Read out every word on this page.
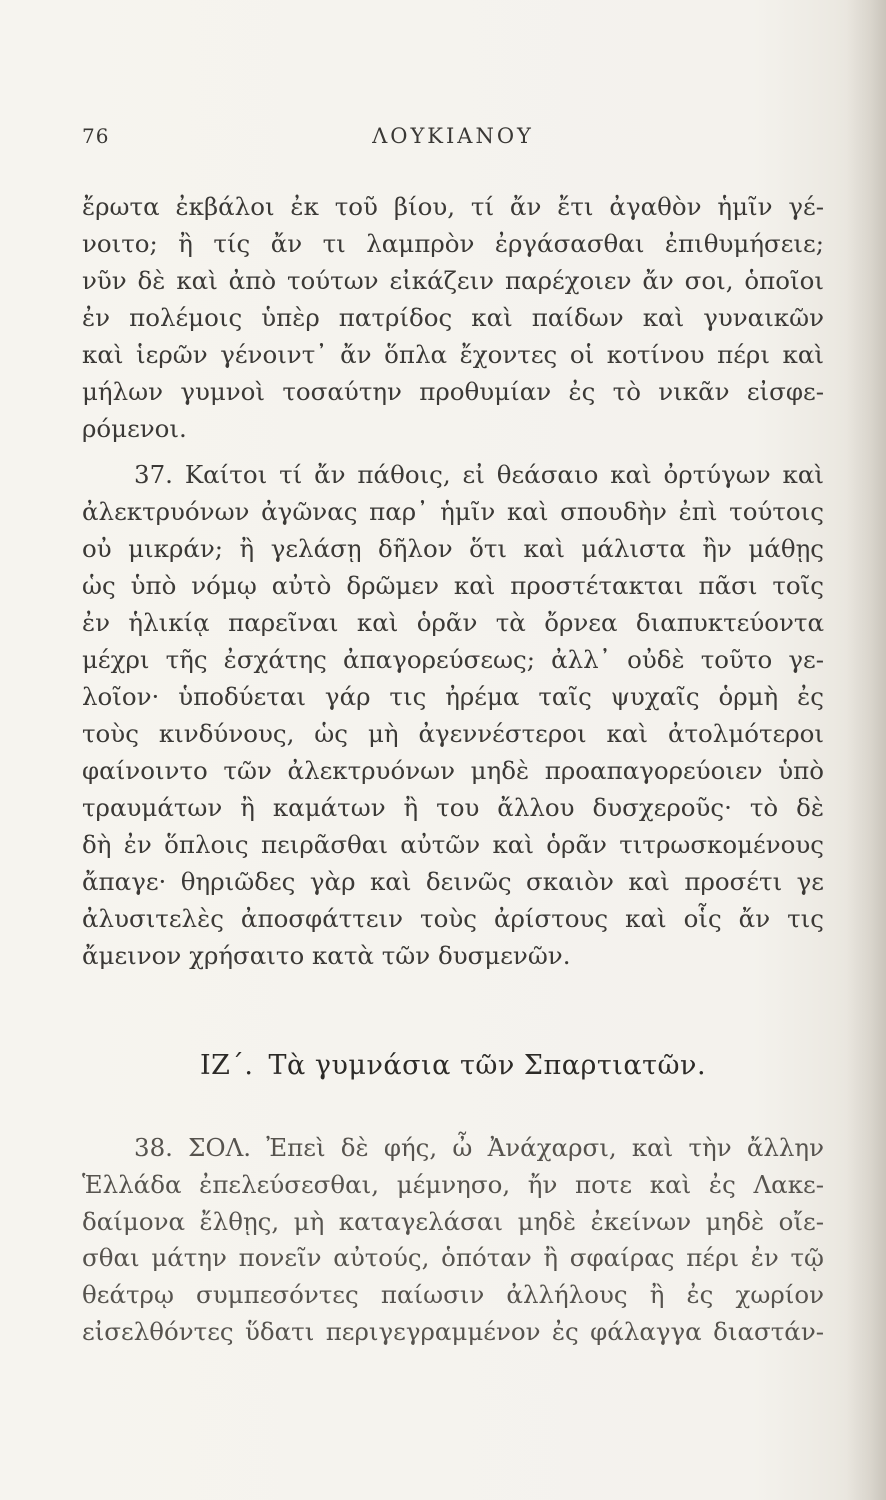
76	ΛΟΥΚΙΑΝΟΥ
ἔρωτα ἐκβάλοι ἐκ τοῦ βίου, τί ἄν ἔτι ἀγαθὸν ἡμῖν γέ-
νοιτο; ἢ τίς ἄν τι λαμπρὸν ἐργάσασθαι ἐπιθυμήσειε;
νῦν δὲ καὶ ἀπὸ τούτων εἰκάζειν παρέχοιεν ἄν σοι, ὁποῖοι
ἐν πολέμοις ὑπὲρ πατρίδος καὶ παίδων καὶ γυναικῶν
καὶ ἱερῶν γένοιντ᾽ ἄν ὅπλα ἔχοντες οἱ κοτίνου πέρι καὶ
μήλων γυμνοὶ τοσαύτην προθυμίαν ἐς τὸ νικᾶν εἰσφε-
ρόμενοι.
37. Καίτοι τί ἄν πάθοις, εἰ θεάσαιο καὶ ὀρτύγων καὶ
ἀλεκτρυόνων ἀγῶνας παρ᾽ ἡμῖν καὶ σπουδὴν ἐπὶ τούτοις
οὐ μικράν; ἢ γελάσῃ δῆλον ὅτι καὶ μάλιστα ἢν μάθῃς
ὡς ὑπὸ νόμῳ αὐτὸ δρῶμεν καὶ προστέτακται πᾶσι τοῖς
ἐν ἡλικίᾳ παρεῖναι καὶ ὁρᾶν τὰ ὄρνεα διαπυκτεύοντα
μέχρι τῆς ἐσχάτης ἀπαγορεύσεως; ἀλλ᾽ οὐδὲ τοῦτο γε-
λοῖον· ὑποδύεται γάρ τις ἠρέμα ταῖς ψυχαῖς ὁρμὴ ἐς
τοὺς κινδύνους, ὡς μὴ ἀγεννέστεροι καὶ ἀτολμότεροι
φαίνοιντο τῶν ἀλεκτρυόνων μηδὲ προαπαγορεύοιεν ὑπὸ
τραυμάτων ἢ καμάτων ἢ του ἄλλου δυσχεροῦς· τὸ δὲ
δὴ ἐν ὅπλοις πειρᾶσθαι αὐτῶν καὶ ὁρᾶν τιτρωσκομένους
ἄπαγε· θηριῶδες γὰρ καὶ δεινῶς σκαιὸν καὶ προσέτι γε
ἀλυσιτελὲς ἀποσφάττειν τοὺς ἀρίστους καὶ οἷς ἄν τις
ἄμεινον χρήσαιτο κατὰ τῶν δυσμενῶν.
ΙΖ΄. Τὰ γυμνάσια τῶν Σπαρτιατῶν.
38. ΣΟΛ. Ἐπεὶ δὲ φής, ὦ Ἀνάχαρσι, καὶ τὴν ἄλλην
Ἑλλάδα ἐπελεύσεσθαι, μέμνησο, ἤν ποτε καὶ ἐς Λακε-
δαίμονα ἔλθῃς, μὴ καταγελάσαι μηδὲ ἐκείνων μηδὲ οἴε-
σθαι μάτην πονεῖν αὐτούς, ὁπόταν ἢ σφαίρας πέρι ἐν τῷ
θεάτρῳ συμπεσόντες παίωσιν ἀλλήλους ἢ ἐς χωρίον
εἰσελθόντες ὕδατι περιγεγραμμένον ἐς φάλαγγα διαστάν-
